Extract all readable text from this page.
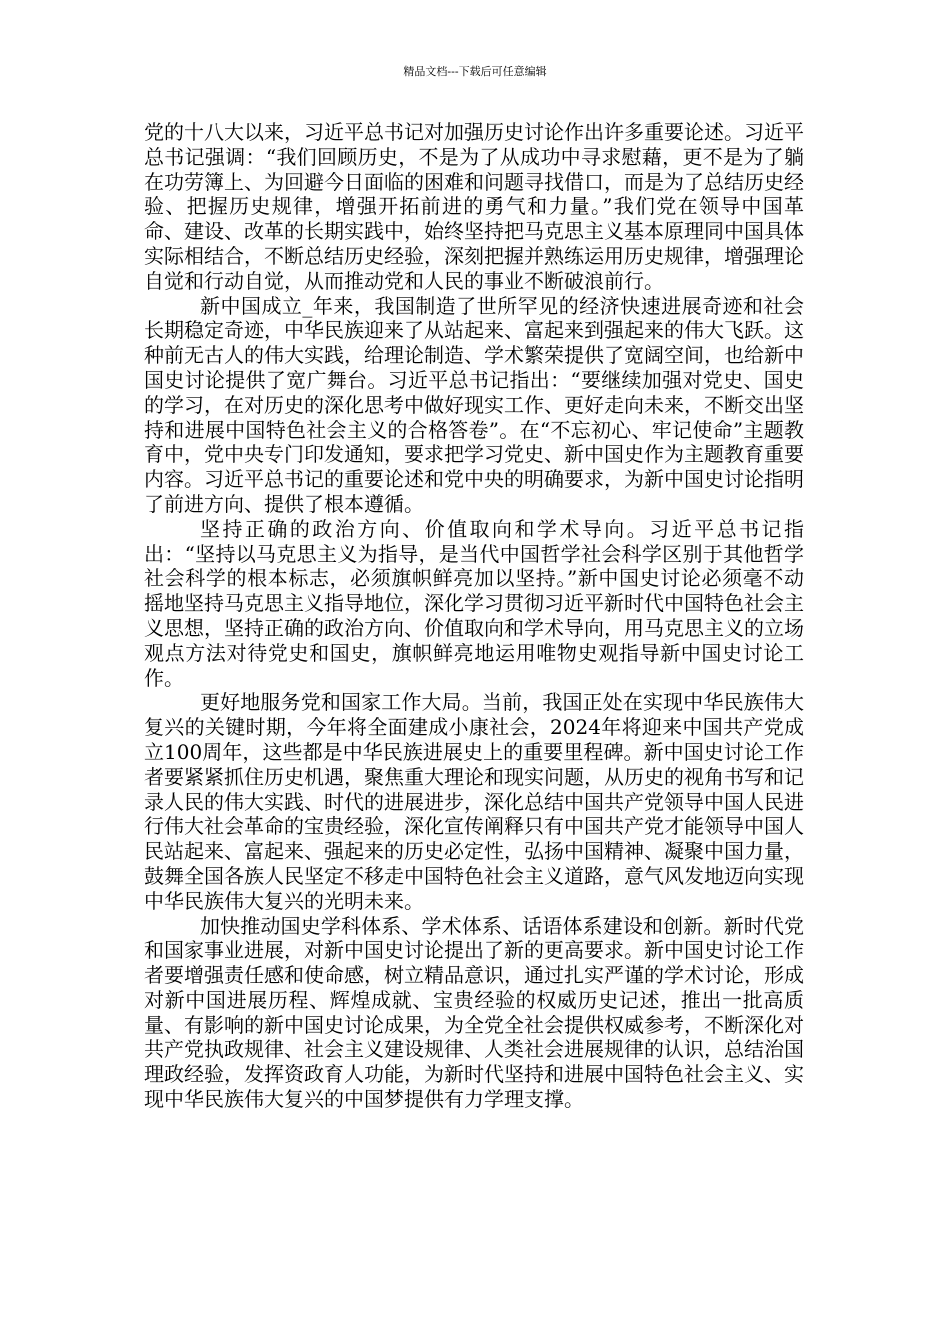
精品文档---下载后可任意编辑

党的十八大以来，习近平总书记对加强历史讨论作出许多重要论述。习近平总书记强调：“我们回顾历史，不是为了从成功中寻求慰藉，更不是为了躺在功劳簿上、为回避今日面临的困难和问题寻找借口，而是为了总结历史经验、把握历史规律，增强开拓前进的勇气和力量。”我们党在领导中国革命、建设、改革的长期实践中，始终坚持把马克思主义基本原理同中国具体实际相结合，不断总结历史经验，深刻把握并熟练运用历史规律，增强理论自觉和行动自觉，从而推动党和人民的事业不断破浪前行。

新中国成立_年来，我国制造了世所罕见的经济快速进展奇迹和社会长期稳定奇迹，中华民族迎来了从站起来、富起来到强起来的伟大飞跃。这种前无古人的伟大实践，给理论制造、学术繁荣提供了宽阔空间，也给新中国史讨论提供了宽广舞台。习近平总书记指出：“要继续加强对党史、国史的学习，在对历史的深化思考中做好现实工作、更好走向未来，不断交出坚持和进展中国特色社会主义的合格答卷”。在“不忘初心、牢记使命”主题教育中，党中央专门印发通知，要求把学习党史、新中国史作为主题教育重要内容。习近平总书记的重要论述和党中央的明确要求，为新中国史讨论指明了前进方向、提供了根本遵循。

坚持正确的政治方向、价值取向和学术导向。习近平总书记指出：“坚持以马克思主义为指导，是当代中国哲学社会科学区别于其他哲学社会科学的根本标志，必须旗帜鲜亮加以坚持。”新中国史讨论必须毫不动摇地坚持马克思主义指导地位，深化学习贯彻习近平新时代中国特色社会主义思想，坚持正确的政治方向、价值取向和学术导向，用马克思主义的立场观点方法对待党史和国史，旗帜鲜亮地运用唯物史观指导新中国史讨论工作。

更好地服务党和国家工作大局。当前，我国正处在实现中华民族伟大复兴的关键时期，今年将全面建成小康社会，2024年将迎来中国共产党成立100周年，这些都是中华民族进展史上的重要里程碑。新中国史讨论工作者要紧紧抓住历史机遇，聚焦重大理论和现实问题，从历史的视角书写和记录人民的伟大实践、时代的进展进步，深化总结中国共产党领导中国人民进行伟大社会革命的宝贵经验，深化宣传阐释只有中国共产党才能领导中国人民站起来、富起来、强起来的历史必定性，弘扬中国精神、凝聚中国力量，鼓舞全国各族人民坚定不移走中国特色社会主义道路，意气风发地迈向实现中华民族伟大复兴的光明未来。

加快推动国史学科体系、学术体系、话语体系建设和创新。新时代党和国家事业进展，对新中国史讨论提出了新的更高要求。新中国史讨论工作者要增强责任感和使命感，树立精品意识，通过扎实严谨的学术讨论，形成对新中国进展历程、辉煌成就、宝贵经验的权威历史记述，推出一批高质量、有影响的新中国史讨论成果，为全党全社会提供权威参考，不断深化对共产党执政规律、社会主义建设规律、人类社会进展规律的认识，总结治国理政经验，发挥资政育人功能，为新时代坚持和进展中国特色社会主义、实现中华民族伟大复兴的中国梦提供有力学理支撑。
